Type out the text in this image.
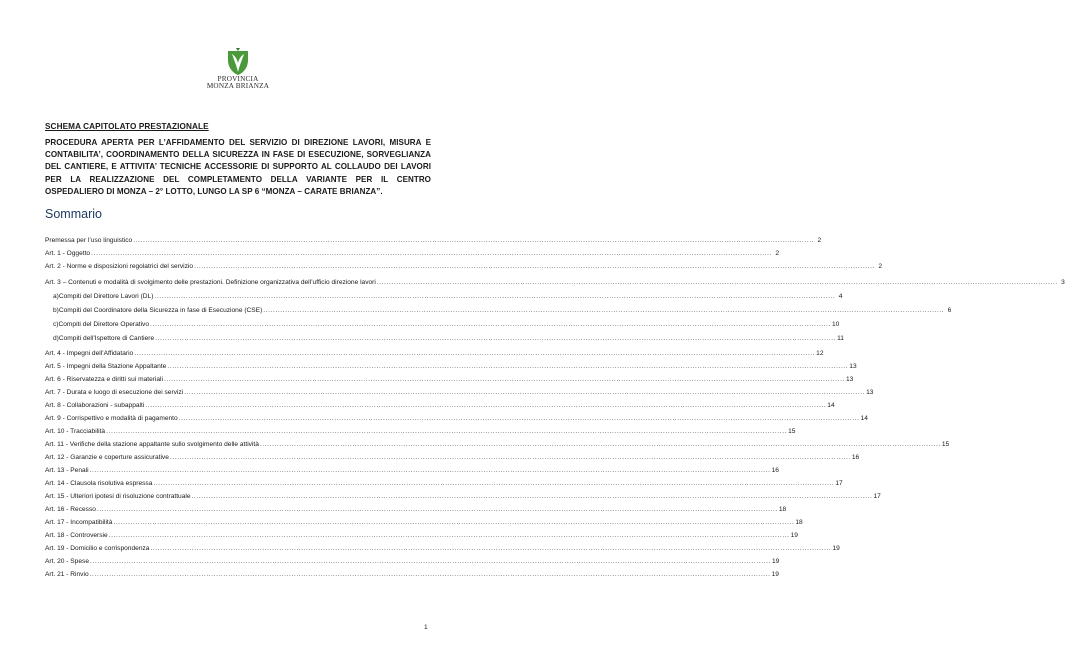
PROVINCIA
MONZA BRIANZA
SCHEMA CAPITOLATO PRESTAZIONALE
PROCEDURA APERTA PER L’AFFIDAMENTO DEL SERVIZIO DI DIREZIONE LAVORI, MISURA E CONTABILITA’, COORDINAMENTO DELLA SICUREZZA IN FASE DI ESECUZIONE, SORVEGLIANZA DEL CANTIERE, E ATTIVITA’ TECNICHE ACCESSORIE DI SUPPORTO AL COLLAUDO DEI LAVORI PER LA REALIZZAZIONE DEL COMPLETAMENTO DELLA VARIANTE PER IL CENTRO OSPEDALIERO DI MONZA – 2° LOTTO, LUNGO LA SP 6 “MONZA – CARATE BRIANZA”.
Sommario
Premessa per l’uso linguistico .....	2
Art. 1 - Oggetto .....	2
Art. 2 - Norme e disposizioni regolatrici del servizio .....	2
Art. 3 – Contenuti e modalità di svolgimento delle prestazioni. Definizione organizzativa dell’ufficio direzione lavori .....	3
a) Compiti del Direttore Lavori (DL) .....	4
b) Compiti del Coordinatore della Sicurezza in fase di Esecuzione (CSE) .....	6
c) Compiti del Direttore Operativo .....	10
d) Compiti dell’Ispettore di Cantiere .....	11
Art. 4 - Impegni dell’Affidatario .....	12
Art. 5 - Impegni della Stazione Appaltante .....	13
Art. 6 - Riservatezza e diritti sui materiali .....	13
Art. 7 - Durata e luogo di esecuzione dei servizi .....	13
Art. 8 - Collaborazioni - subappalti .....	14
Art. 9 - Corrispettivo e modalità di pagamento .....	14
Art. 10 - Tracciabilità .....	15
Art. 11 - Verifiche della stazione appaltante sullo svolgimento delle attività .....	15
Art. 12 - Garanzie e coperture assicurative .....	16
Art. 13 - Penali .....	16
Art. 14 - Clausola risolutiva espressa .....	17
Art. 15 - Ulteriori ipotesi di risoluzione contrattuale .....	17
Art. 16 - Recesso .....	18
Art. 17 - Incompatibilità .....	18
Art. 18 - Controversie .....	19
Art. 19 - Domicilio e corrispondenza .....	19
Art. 20 - Spese .....	19
Art. 21 - Rinvio .....	19
1
